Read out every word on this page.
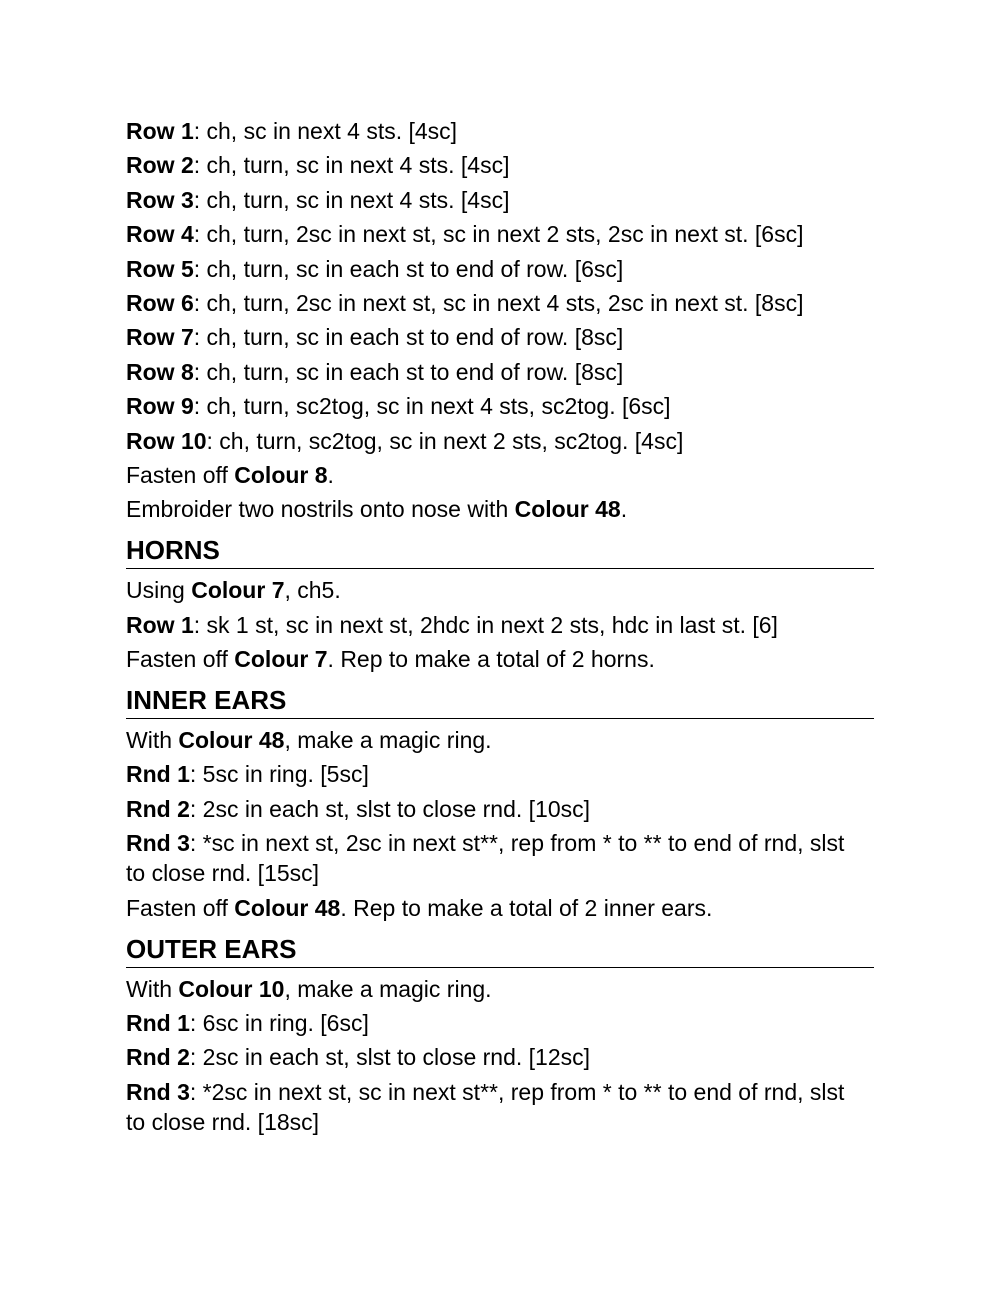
Row 1: ch, sc in next 4 sts. [4sc]
Row 2: ch, turn, sc in next 4 sts. [4sc]
Row 3: ch, turn, sc in next 4 sts. [4sc]
Row 4: ch, turn, 2sc in next st, sc in next 2 sts, 2sc in next st. [6sc]
Row 5: ch, turn, sc in each st to end of row. [6sc]
Row 6: ch, turn, 2sc in next st, sc in next 4 sts, 2sc in next st. [8sc]
Row 7: ch, turn, sc in each st to end of row. [8sc]
Row 8: ch, turn, sc in each st to end of row. [8sc]
Row 9: ch, turn, sc2tog, sc in next 4 sts, sc2tog. [6sc]
Row 10: ch, turn, sc2tog, sc in next 2 sts, sc2tog. [4sc]
Fasten off Colour 8.
Embroider two nostrils onto nose with Colour 48.
HORNS
Using Colour 7, ch5.
Row 1: sk 1 st, sc in next st, 2hdc in next 2 sts, hdc in last st. [6]
Fasten off Colour 7. Rep to make a total of 2 horns.
INNER EARS
With Colour 48, make a magic ring.
Rnd 1: 5sc in ring. [5sc]
Rnd 2: 2sc in each st, slst to close rnd. [10sc]
Rnd 3: *sc in next st, 2sc in next st**, rep from * to ** to end of rnd, slst to close rnd. [15sc]
Fasten off Colour 48. Rep to make a total of 2 inner ears.
OUTER EARS
With Colour 10, make a magic ring.
Rnd 1: 6sc in ring. [6sc]
Rnd 2: 2sc in each st, slst to close rnd. [12sc]
Rnd 3: *2sc in next st, sc in next st**, rep from * to ** to end of rnd, slst to close rnd. [18sc]
